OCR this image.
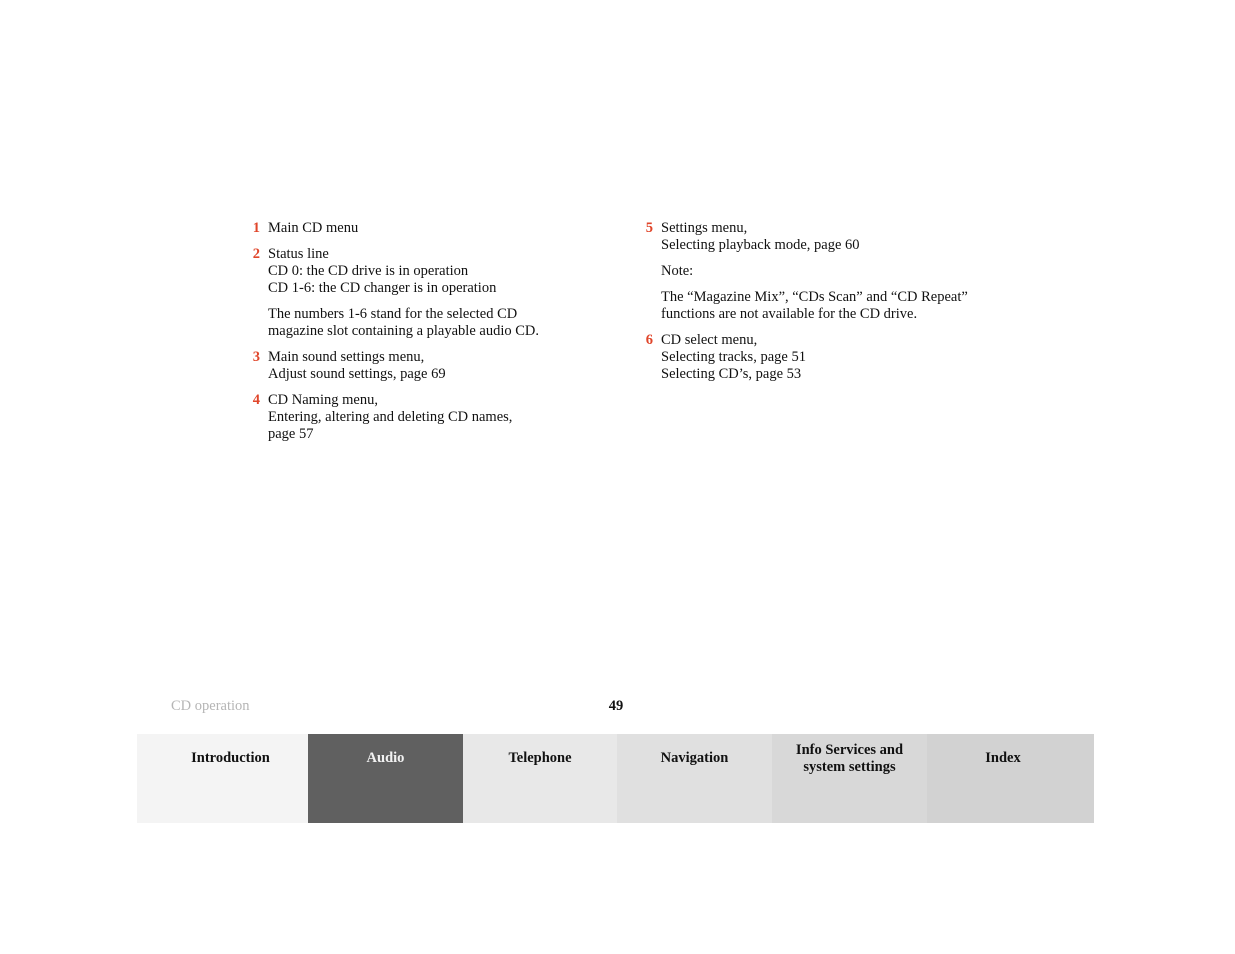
1 Main CD menu
2 Status line
CD 0: the CD drive is in operation
CD 1-6: the CD changer is in operation
The numbers 1-6 stand for the selected CD
magazine slot containing a playable audio CD.
3 Main sound settings menu,
Adjust sound settings, page 69
4 CD Naming menu,
Entering, altering and deleting CD names,
page 57
5 Settings menu,
Selecting playback mode, page 60
Note:
The “Magazine Mix”, “CDs Scan” and “CD Repeat”
functions are not available for the CD drive.
6 CD select menu,
Selecting tracks, page 51
Selecting CD’s, page 53
CD operation	49
Introduction	Audio	Telephone	Navigation	Info Services and
system settings
Index
